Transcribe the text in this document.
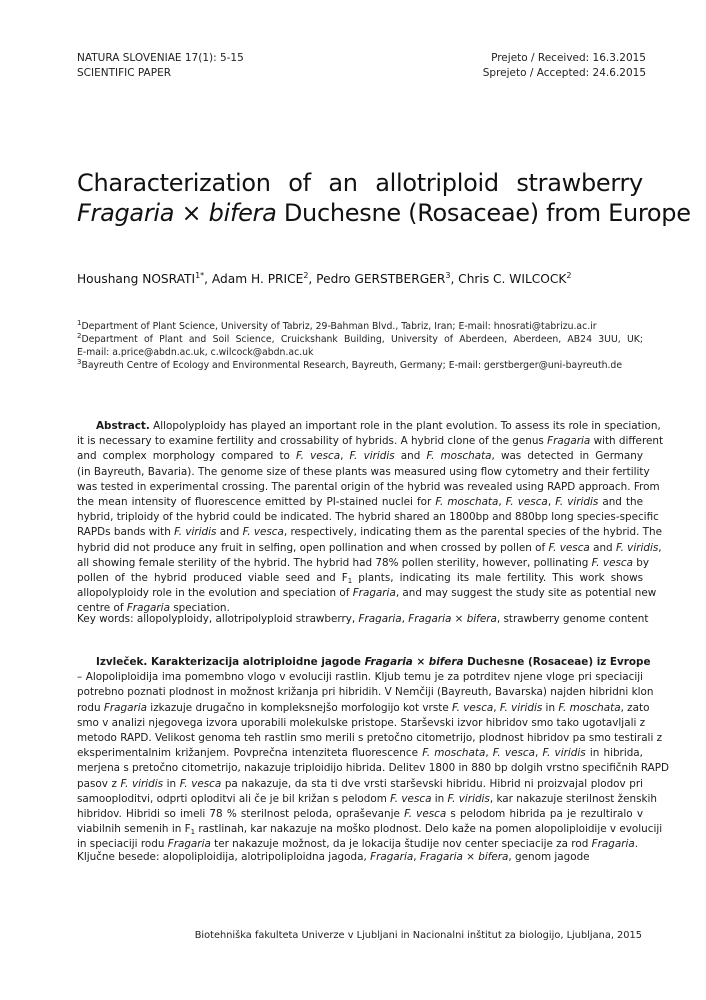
NATURA SLOVENIAE 17(1): 5-15
SCIENTIFIC PAPER
Prejeto / Received: 16.3.2015
Sprejeto / Accepted: 24.6.2015
Characterization of an allotriploid strawberry
Fragaria × bifera Duchesne (Rosaceae) from Europe
Houshang $NOSRATI^{1*}$, Adam H. PRICE$^2$, Pedro GERSTBERGER$^3$, Chris C. WILCOCK$^2$
$^1$Department of Plant Science, University of Tabriz, 29-Bahman Blvd., Tabriz, Iran; E-mail: hnosrati@tabrizu.ac.ir
$^2$Department of Plant and Soil Science, Cruickshank Building, University of Aberdeen, Aberdeen, AB24 3UU, UK;
E-mail: a.price@abdn.ac.uk, c.wilcock@abdn.ac.uk
$^3$Bayreuth Centre of Ecology and Environmental Research, Bayreuth, Germany; E-mail: gerstberger@uni-bayreuth.de
Abstract. Allopolyploidy has played an important role in the plant evolution. To assess its role in speciation,
it is necessary to examine fertility and crossability of hybrids. A hybrid clone of the genus Fragaria with different
and complex morphology compared to F. vesca, F. viridis and F. moschata, was detected in Germany
(in Bayreuth, Bavaria). The genome size of these plants was measured using flow cytometry and their fertility
was tested in experimental crossing. The parental origin of the hybrid was revealed using RAPD approach. From
the mean intensity of fluorescence emitted by PI-stained nuclei for F. moschata, F. vesca, F. viridis and the
hybrid, triploidy of the hybrid could be indicated. The hybrid shared an 1800bp and 880bp long species-specific
RAPDs bands with F. viridis and F. vesca, respectively, indicating them as the parental species of the hybrid. The
hybrid did not produce any fruit in selfing, open pollination and when crossed by pollen of F. vesca and F. viridis,
all showing female sterility of the hybrid. The hybrid had 78% pollen sterility, however, pollinating F. vesca by
pollen of the hybrid produced viable seed and $F_1$ plants, indicating its male fertility. This work shows
allopolyploidy role in the evolution and speciation of Fragaria, and may suggest the study site as potential new
centre of Fragaria speciation.
Key words: allopolyploidy, allotripolyploid strawberry, Fragaria, Fragaria × bifera, strawberry genome content
Izvleček. Karakterizacija alotriploidne jagode Fragaria × bifera Duchesne (Rosaceae) iz Evrope
– Alopoliploidija ima pomembno vlogo v evoluciji rastlin. Kljub temu je za potrditev njene vloge pri speciaciji
potrebno poznati plodnost in možnost križanja pri hibridih. V Nemčiji (Bayreuth, Bavarska) najden hibridni klon
rodu Fragaria izkazuje drugačno in kompleksnejšo morfologijo kot vrste F. vesca, F. viridis in F. moschata, zato
smo v analizi njegovega izvora uporabili molekulske pristope. Starševski izvor hibridov smo tako ugotavljali z
metodo RAPD. Velikost genoma teh rastlin smo merili s pretočno citometrijo, plodnost hibridov pa smo testirali z
eksperimentalnim križanjem. Povprečna intenziteta fluorescence F. moschata, F. vesca, F. viridis in hibrida,
merjena s pretočno citometrijo, nakazuje triploidijo hibrida. Delitev 1800 in 880 bp dolgih vrstno specifičnih RAPD
pasov z F. viridis in F. vesca pa nakazuje, da sta ti dve vrsti starševski hibridu. Hibrid ni proizvajal plodov pri
samooploditvi, odprti oploditvi ali če je bil križan s pelodom F. vesca in F. viridis, kar nakazuje sterilnost ženskih
hibridov. Hibridi so imeli 78 % sterilnost peloda, opraševanje F. vesca s pelodom hibrida pa je rezultiralo v
viabilnih semenih in $F_1$ rastlinah, kar nakazuje na moško plodnost. Delo kaže na pomen alopoliploidije v evoluciji
in speciaciji rodu Fragaria ter nakazuje možnost, da je lokacija študije nov center speciacije za rod Fragaria.
Ključne besede: alopoliploidija, alotripoliploidna jagoda, Fragaria, Fragaria × bifera, genom jagode
Biotehniška fakulteta Univerze v Ljubljani in Nacionalni inštitut za biologijo, Ljubljana, 2015
